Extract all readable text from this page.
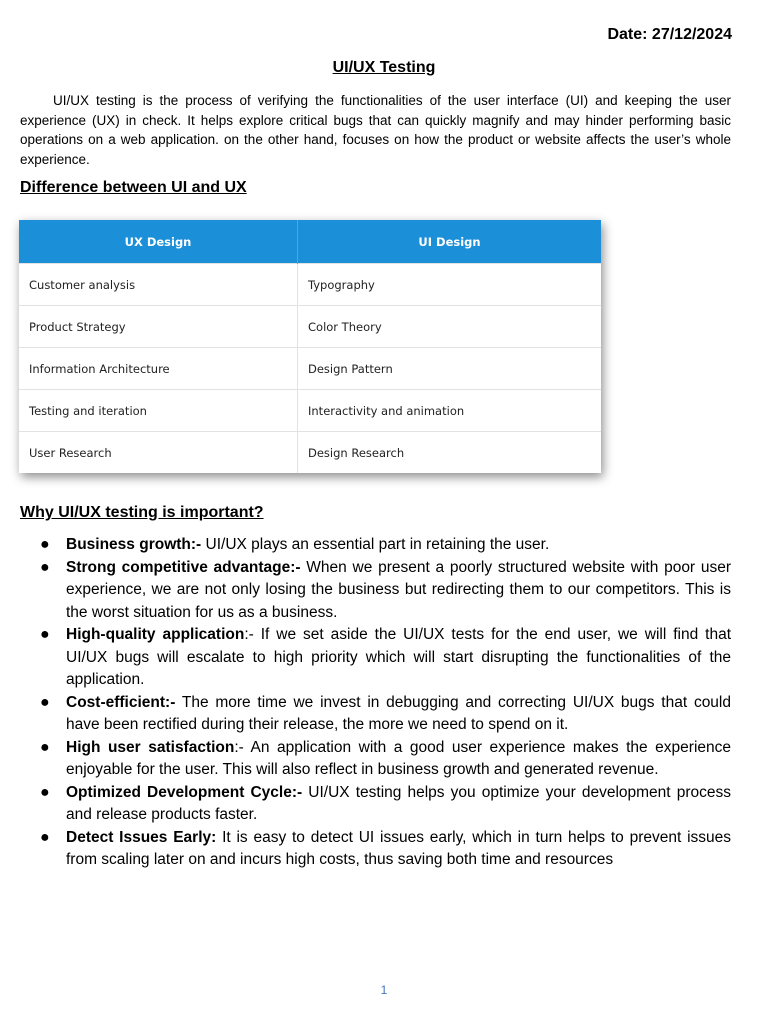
Date: 27/12/2024
UI/UX Testing

UI/UX testing is the process of verifying the functionalities of the user interface (UI) and keeping the user experience (UX) in check. It helps explore critical bugs that can quickly magnify and may hinder performing basic operations on a web application. on the other hand, focuses on how the product or website affects the user’s whole experience.

Difference between UI and UX
UX Design	UI Design
Customer analysis	Typography
Product Strategy	Color Theory
Information Architecture	Design Pattern
Testing and iteration	Interactivity and animation
User Research	Design Research
Why UI/UX testing is important?
● Business growth:- UI/UX plays an essential part in retaining the user.
● Strong competitive advantage:- When we present a poorly structured website with poor user experience, we are not only losing the business but redirecting them to our competitors. This is the worst situation for us as a business.
● High-quality application:- If we set aside the UI/UX tests for the end user, we will find that UI/UX bugs will escalate to high priority which will start disrupting the functionalities of the application.
● Cost-efficient:- The more time we invest in debugging and correcting UI/UX bugs that could have been rectified during their release, the more we need to spend on it.
● High user satisfaction:- An application with a good user experience makes the experience enjoyable for the user. This will also reflect in business growth and generated revenue.
● Optimized Development Cycle:- UI/UX testing helps you optimize your development process and release products faster.
● Detect Issues Early: It is easy to detect UI issues early, which in turn helps to prevent issues from scaling later on and incurs high costs, thus saving both time and resources
1
